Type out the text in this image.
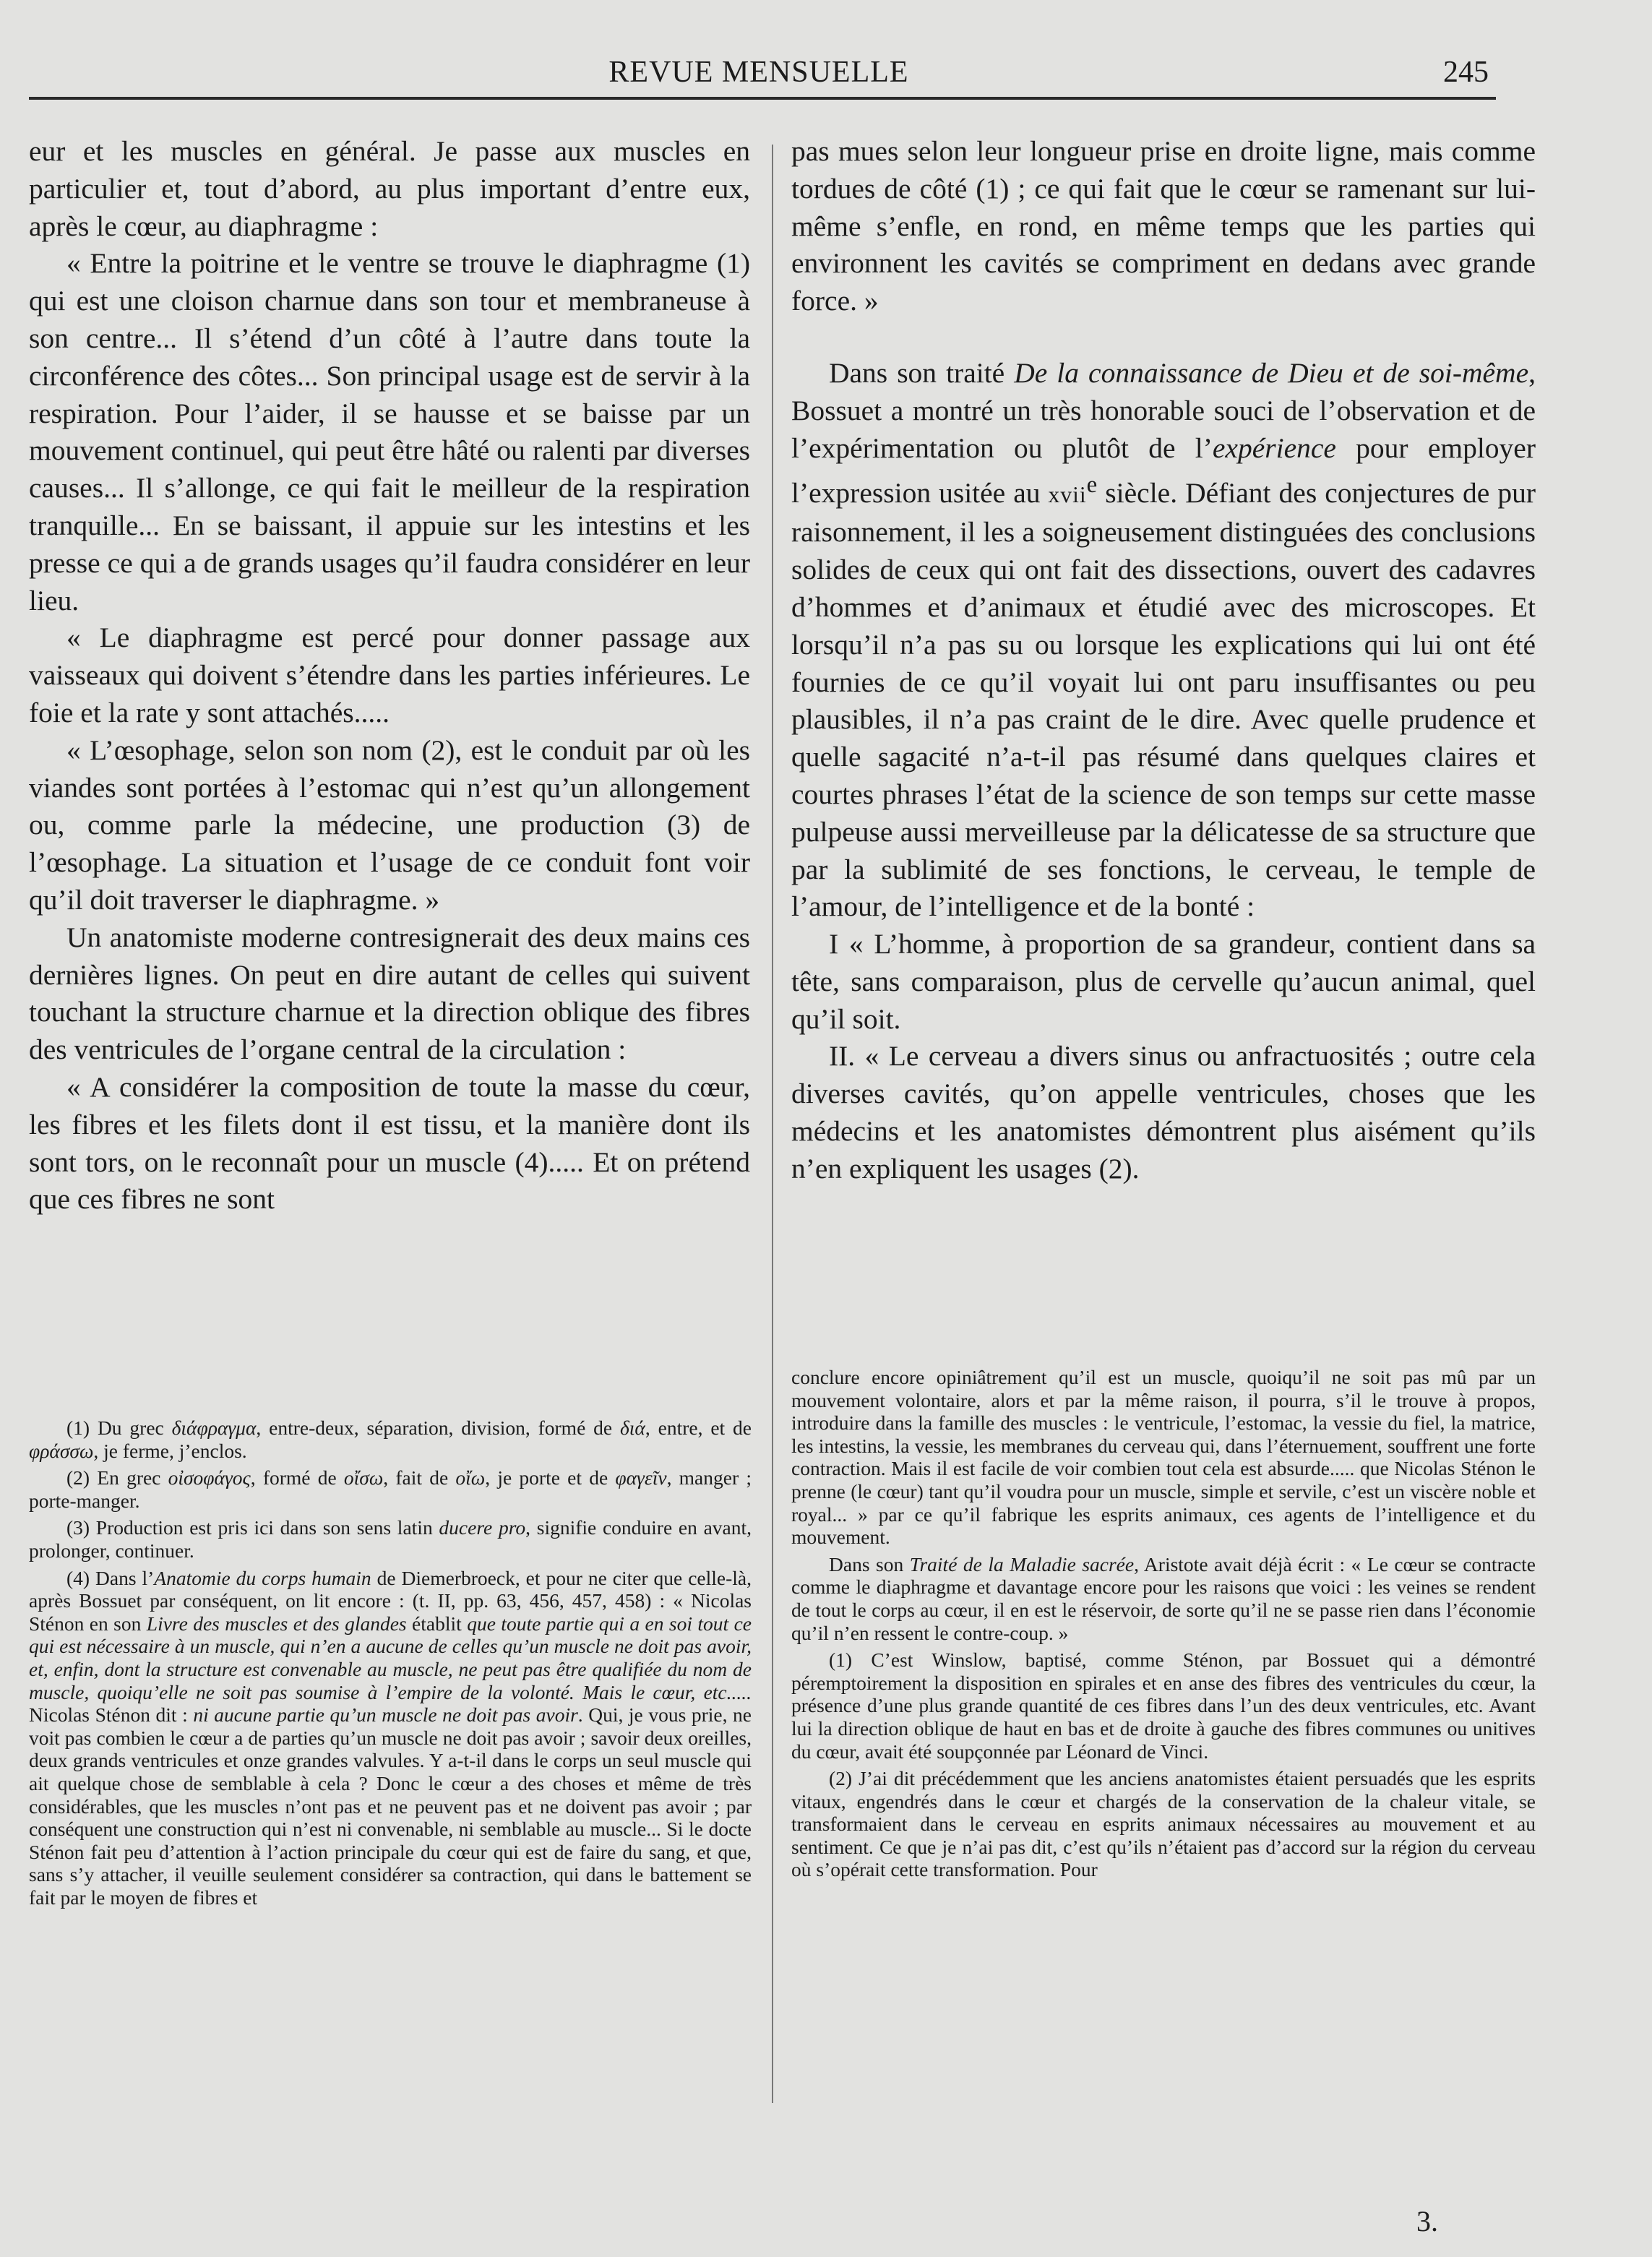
REVUE MENSUELLE	245

eur et les muscles en général. Je passe aux muscles en particulier et, tout d’abord, au plus important d’entre eux, après le cœur, au diaphragme :

« Entre la poitrine et le ventre se trouve le diaphragme (1) qui est une cloison charnue dans son tour et membraneuse à son centre... Il s’étend d’un côté à l’autre dans toute la circonférence des côtes... Son principal usage est de servir à la respiration. Pour l’aider, il se hausse et se baisse par un mouvement continuel, qui peut être hâté ou ralenti par diverses causes... Il s’allonge, ce qui fait le meilleur de la respiration tranquille... En se baissant, il appuie sur les intestins et les presse ce qui a de grands usages qu’il faudra considérer en leur lieu.

« Le diaphragme est percé pour donner passage aux vaisseaux qui doivent s’étendre dans les parties inférieures. Le foie et la rate y sont attachés.....

« L’œsophage, selon son nom (2), est le conduit par où les viandes sont portées à l’estomac qui n’est qu’un allongement ou, comme parle la médecine, une production (3) de l’œsophage. La situation et l’usage de ce conduit font voir qu’il doit traverser le diaphragme. »

Un anatomiste moderne contresignerait des deux mains ces dernières lignes. On peut en dire autant de celles qui suivent touchant la structure charnue et la direction oblique des fibres des ventricules de l’organe central de la circulation :

« A considérer la composition de toute la masse du cœur, les fibres et les filets dont il est tissu, et la manière dont ils sont tors, on le reconnaît pour un muscle (4)..... Et on prétend que ces fibres ne sont

pas mues selon leur longueur prise en droite ligne, mais comme tordues de côté (1) ; ce qui fait que le cœur se ramenant sur lui-même s’enfle, en rond, en même temps que les parties qui environnent les cavités se compriment en dedans avec grande force. »

Dans son traité De la connaissance de Dieu et de soi-même, Bossuet a montré un très honorable souci de l’observation et de l’expérimentation ou plutôt de l’expérience pour employer l’expression usitée au xvii$^e$ siècle. Défiant des conjectures de pur raisonnement, il les a soigneusement distinguées des conclusions solides de ceux qui ont fait des dissections, ouvert des cadavres d’hommes et d’animaux et étudié avec des microscopes. Et lorsqu’il n’a pas su ou lorsque les explications qui lui ont été fournies de ce qu’il voyait lui ont paru insuffisantes ou peu plausibles, il n’a pas craint de le dire. Avec quelle prudence et quelle sagacité n’a-t-il pas résumé dans quelques claires et courtes phrases l’état de la science de son temps sur cette masse pulpeuse aussi merveilleuse par la délicatesse de sa structure que par la sublimité de ses fonctions, le cerveau, le temple de l’amour, de l’intelligence et de la bonté :

I « L’homme, à proportion de sa grandeur, contient dans sa tête, sans comparaison, plus de cervelle qu’aucun animal, quel qu’il soit.

II. « Le cerveau a divers sinus ou anfractuosités ; outre cela diverses cavités, qu’on appelle ventricules, choses que les médecins et les anatomistes démontrent plus aisément qu’ils n’en expliquent les usages (2).

(1) Du grec διάφραγμα, entre-deux, séparation, division, formé de διά, entre, et de φράσσω, je ferme, j’enclos.

(2) En grec οἰσοφάγος, formé de οἴσω, fait de οἴω, je porte et de φαγεῖν, manger ; porte-manger.

(3) Production est pris ici dans son sens latin ducere pro, signifie conduire en avant, prolonger, continuer.

(4) Dans l’Anatomie du corps humain de Diemerbroeck, et pour ne citer que celle-là, après Bossuet par conséquent, on lit encore : (t. II, pp. 63, 456, 457, 458) : « Nicolas Sténon en son Livre des muscles et des glandes établit que toute partie qui a en soi tout ce qui est nécessaire à un muscle, qui n’en a aucune de celles qu’un muscle ne doit pas avoir, et, enfin, dont la structure est convenable au muscle, ne peut pas être qualifiée du nom de muscle, quoiqu’elle ne soit pas soumise à l’empire de la volonté. Mais le cœur, etc..... Nicolas Sténon dit : ni aucune partie qu’un muscle ne doit pas avoir. Qui, je vous prie, ne voit pas combien le cœur a de parties qu’un muscle ne doit pas avoir ; savoir deux oreilles, deux grands ventricules et onze grandes valvules. Y a-t-il dans le corps un seul muscle qui ait quelque chose de semblable à cela ? Donc le cœur a des choses et même de très considérables, que les muscles n’ont pas et ne peuvent pas et ne doivent pas avoir ; par conséquent une construction qui n’est ni convenable, ni semblable au muscle... Si le docte Sténon fait peu d’attention à l’action principale du cœur qui est de faire du sang, et que, sans s’y attacher, il veuille seulement considérer sa contraction, qui dans le battement se fait par le moyen de fibres et

conclure encore opiniâtrement qu’il est un muscle, quoiqu’il ne soit pas mû par un mouvement volontaire, alors et par la même raison, il pourra, s’il le trouve à propos, introduire dans la famille des muscles : le ventricule, l’estomac, la vessie du fiel, la matrice, les intestins, la vessie, les membranes du cerveau qui, dans l’éternuement, souffrent une forte contraction. Mais il est facile de voir combien tout cela est absurde..... que Nicolas Sténon le prenne (le cœur) tant qu’il voudra pour un muscle, simple et servile, c’est un viscère noble et royal... » par ce qu’il fabrique les esprits animaux, ces agents de l’intelligence et du mouvement.

Dans son Traité de la Maladie sacrée, Aristote avait déjà écrit : « Le cœur se contracte comme le diaphragme et davantage encore pour les raisons que voici : les veines se rendent de tout le corps au cœur, il en est le réservoir, de sorte qu’il ne se passe rien dans l’économie qu’il n’en ressent le contre-coup. »

(1) C’est Winslow, baptisé, comme Sténon, par Bossuet qui a démontré péremptoirement la disposition en spirales et en anse des fibres des ventricules du cœur, la présence d’une plus grande quantité de ces fibres dans l’un des deux ventricules, etc. Avant lui la direction oblique de haut en bas et de droite à gauche des fibres communes ou unitives du cœur, avait été soupçonnée par Léonard de Vinci.

(2) J’ai dit précédemment que les anciens anatomistes étaient persuadés que les esprits vitaux, engendrés dans le cœur et chargés de la conservation de la chaleur vitale, se transformaient dans le cerveau en esprits animaux nécessaires au mouvement et au sentiment. Ce que je n’ai pas dit, c’est qu’ils n’étaient pas d’accord sur la région du cerveau où s’opérait cette transformation. Pour

3.
